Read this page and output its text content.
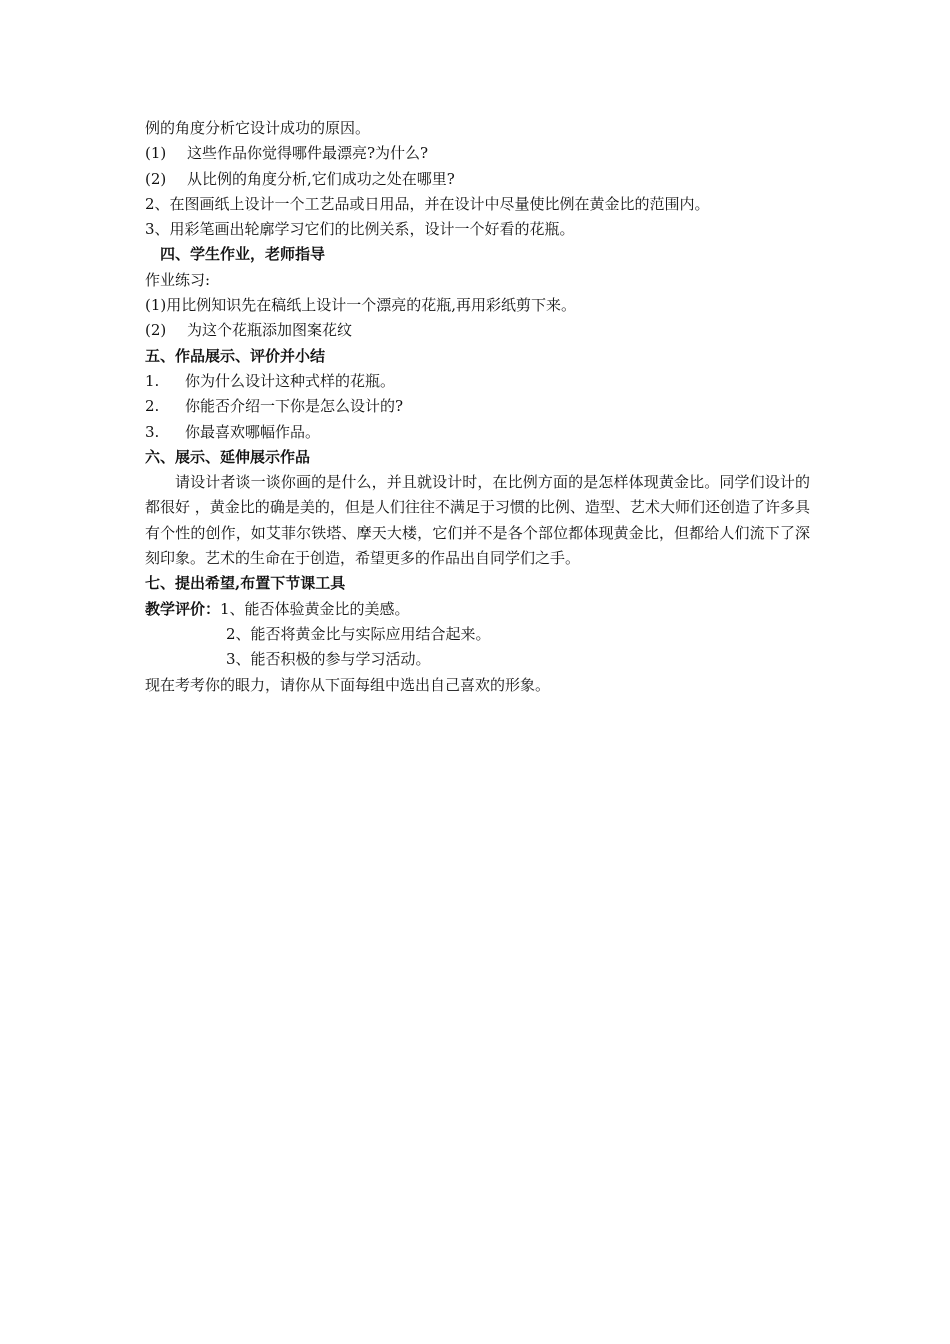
例的角度分析它设计成功的原因。
(1) 这些作品你觉得哪件最漂亮?为什么?
(2) 从比例的角度分析,它们成功之处在哪里?
2、在图画纸上设计一个工艺品或日用品，并在设计中尽量使比例在黄金比的范围内。
3、用彩笔画出轮廓学习它们的比例关系，设计一个好看的花瓶。
四、学生作业，老师指导
作业练习:
(1)用比例知识先在稿纸上设计一个漂亮的花瓶,再用彩纸剪下来。
(2) 为这个花瓶添加图案花纹
五、作品展示、评价并小结
1. 你为什么设计这种式样的花瓶。
2. 你能否介绍一下你是怎么设计的?
3. 你最喜欢哪幅作品。
六、展示、延伸展示作品

请设计者谈一谈你画的是什么，并且就设计时，在比例方面的是怎样体现黄金比。同学们设计的都很好 ，黄金比的确是美的，但是人们往往不满足于习惯的比例、造型、艺术大师们还创造了许多具有个性的创作，如艾菲尔铁塔、摩天大楼，它们并不是各个部位都体现黄金比，但都给人们流下了深刻印象。艺术的生命在于创造，希望更多的作品出自同学们之手。

七、提出希望,布置下节课工具
教学评价：1、能否体验黄金比的美感。
2、能否将黄金比与实际应用结合起来。
3、能否积极的参与学习活动。
现在考考你的眼力，请你从下面每组中选出自己喜欢的形象。
